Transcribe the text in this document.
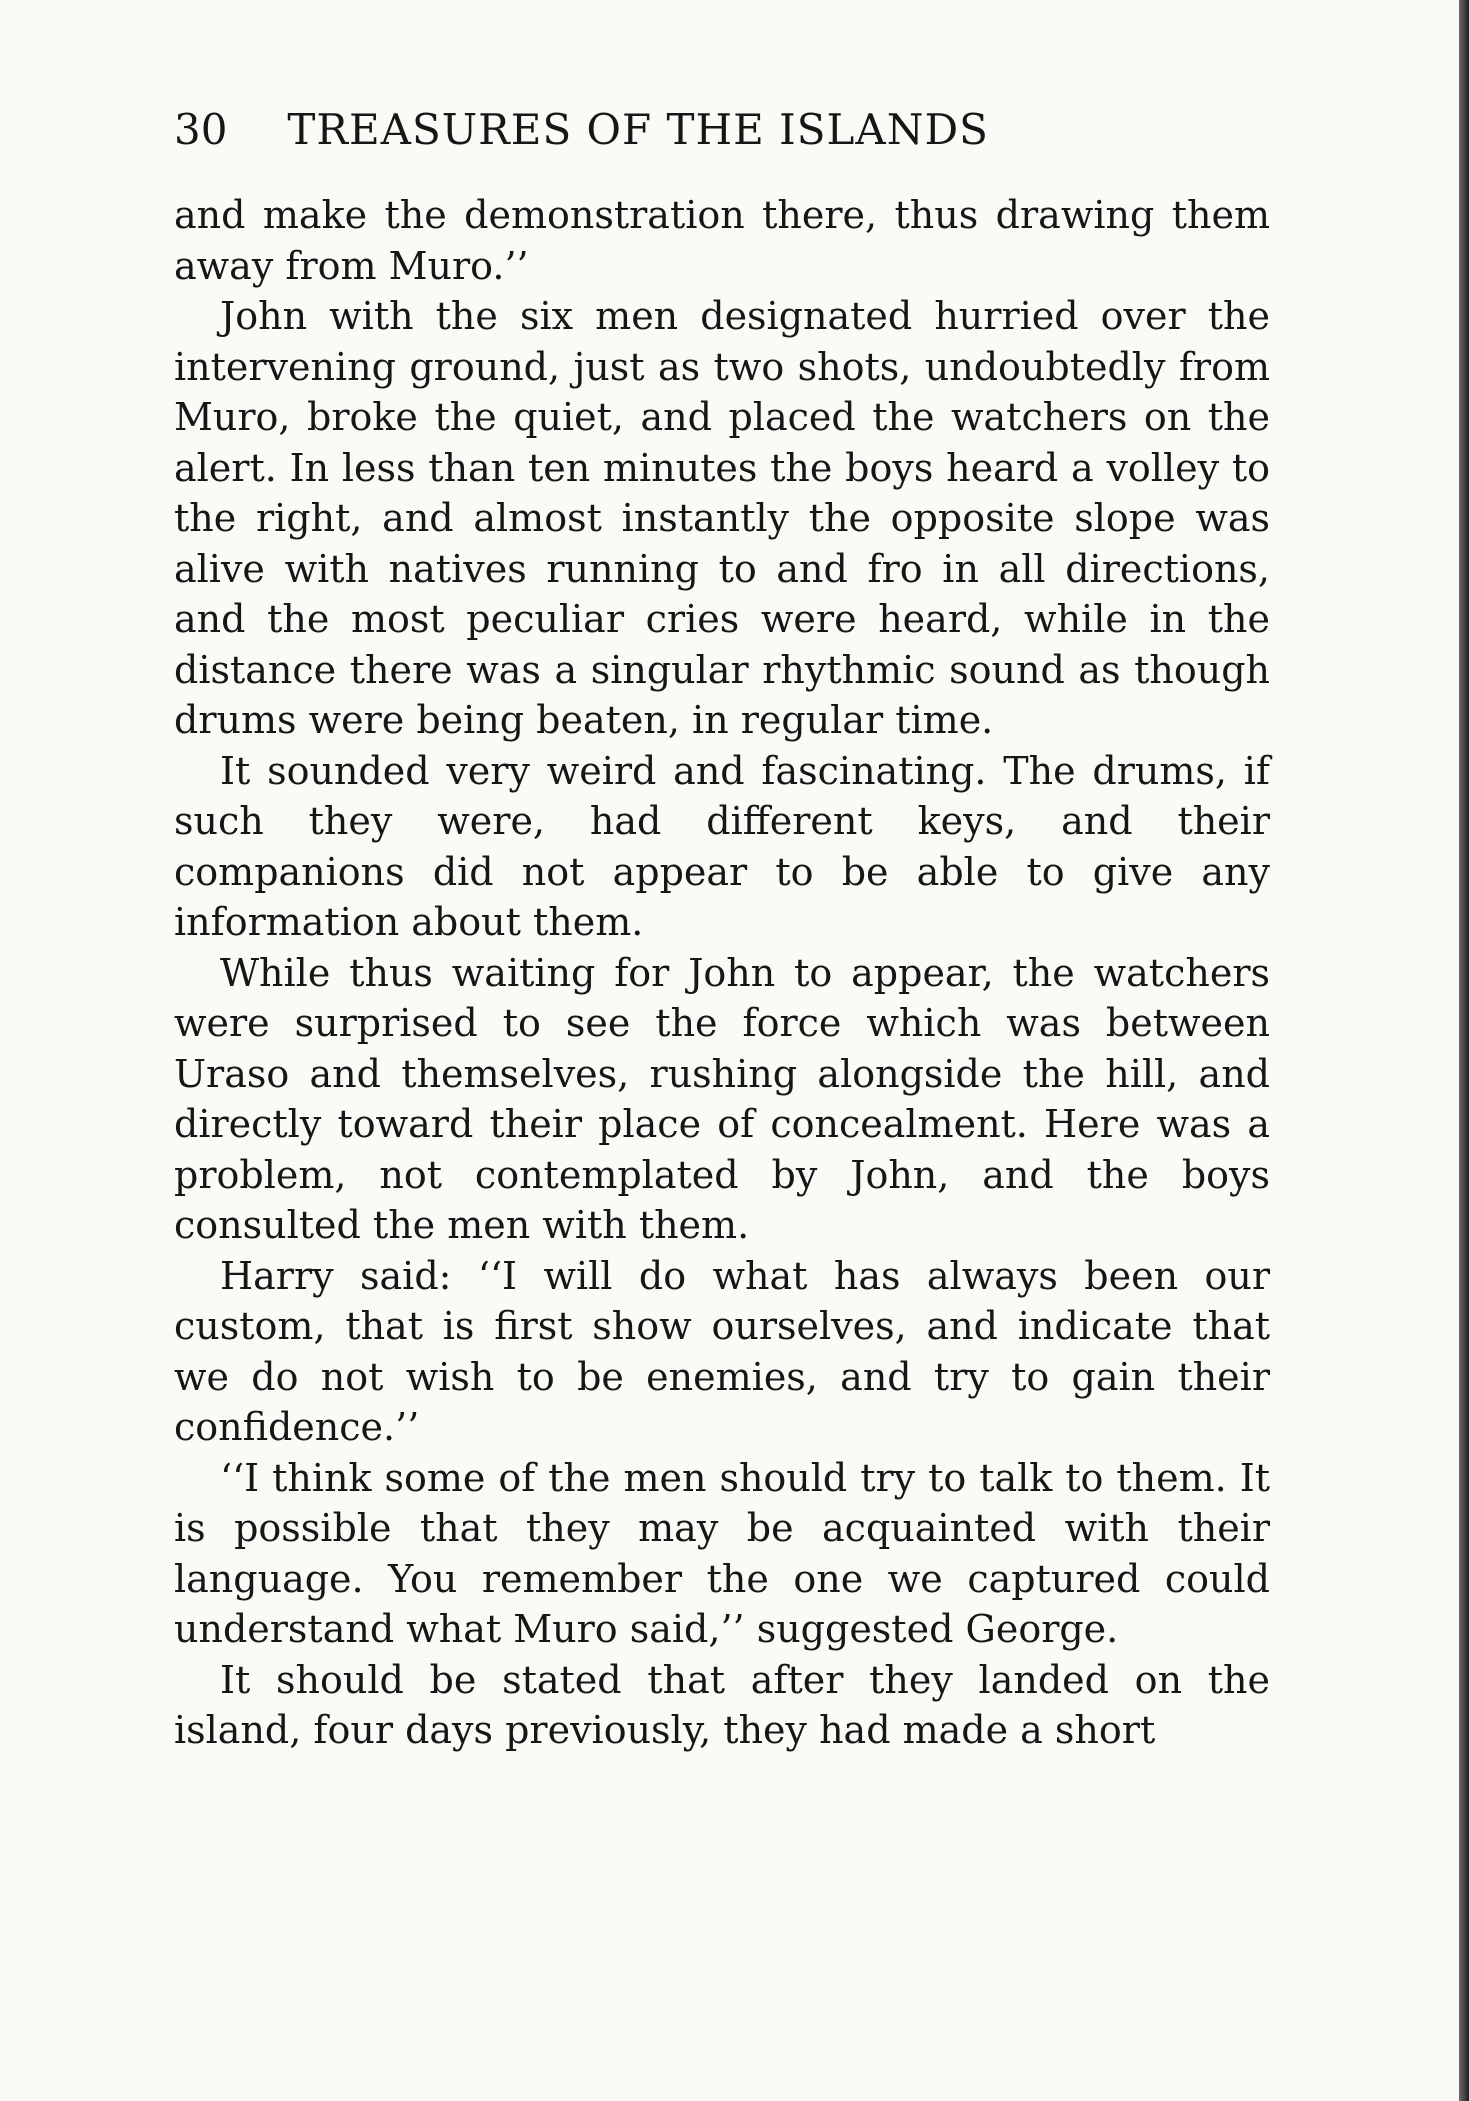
30 TREASURES OF THE ISLANDS

and make the demonstration there, thus drawing them away from Muro.’’

John with the six men designated hurried over the intervening ground, just as two shots, undoubtedly from Muro, broke the quiet, and placed the watchers on the alert. In less than ten minutes the boys heard a volley to the right, and almost instantly the opposite slope was alive with natives running to and fro in all directions, and the most peculiar cries were heard, while in the distance there was a singular rhythmic sound as though drums were being beaten, in regular time.

It sounded very weird and fascinating. The drums, if such they were, had different keys, and their companions did not appear to be able to give any information about them.

While thus waiting for John to appear, the watchers were surprised to see the force which was between Uraso and themselves, rushing alongside the hill, and directly toward their place of concealment. Here was a problem, not contemplated by John, and the boys consulted the men with them.

Harry said: ‘‘I will do what has always been our custom, that is first show ourselves, and indicate that we do not wish to be enemies, and try to gain their confidence.’’

‘‘I think some of the men should try to talk to them. It is possible that they may be acquainted with their language. You remember the one we captured could understand what Muro said,’’ suggested George.

It should be stated that after they landed on the island, four days previously, they had made a short
